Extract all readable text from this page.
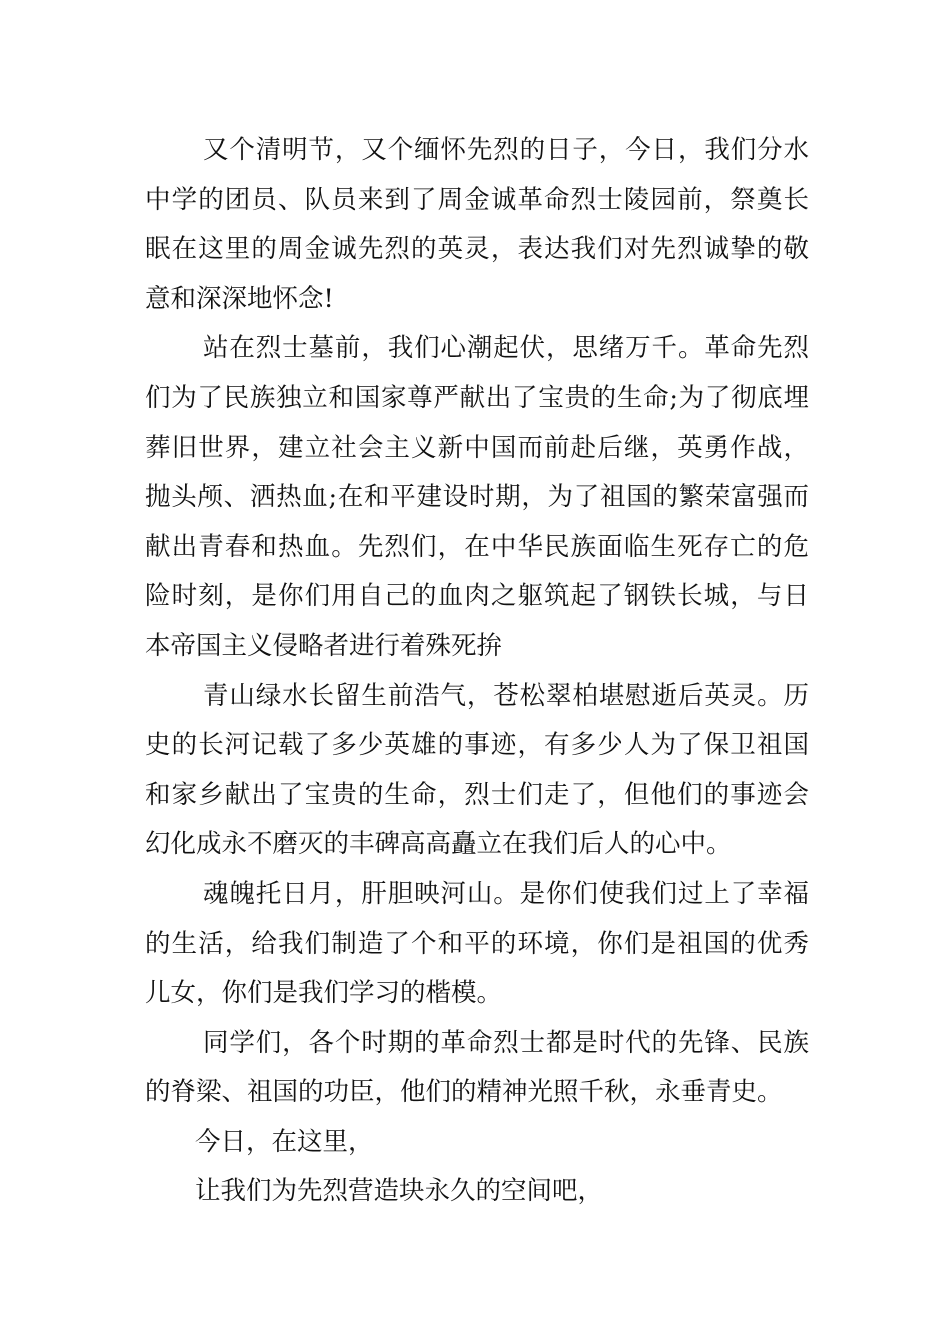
又个清明节，又个缅怀先烈的日子，今日，我们分水
中学的团员、队员来到了周金诚革命烈士陵园前，祭奠长
眠在这里的周金诚先烈的英灵，表达我们对先烈诚挚的敬
意和深深地怀念!
站在烈士墓前，我们心潮起伏，思绪万千。革命先烈
们为了民族独立和国家尊严献出了宝贵的生命;为了彻底埋
葬旧世界，建立社会主义新中国而前赴后继，英勇作战，
抛头颅、洒热血;在和平建设时期，为了祖国的繁荣富强而
献出青春和热血。先烈们，在中华民族面临生死存亡的危
险时刻，是你们用自己的血肉之躯筑起了钢铁长城，与日
本帝国主义侵略者进行着殊死拚
青山绿水长留生前浩气，苍松翠柏堪慰逝后英灵。历
史的长河记载了多少英雄的事迹，有多少人为了保卫祖国
和家乡献出了宝贵的生命，烈士们走了，但他们的事迹会
幻化成永不磨灭的丰碑高高矗立在我们后人的心中。
魂魄托日月，肝胆映河山。是你们使我们过上了幸福
的生活，给我们制造了个和平的环境，你们是祖国的优秀
儿女，你们是我们学习的楷模。
同学们，各个时期的革命烈士都是时代的先锋、民族
的脊梁、祖国的功臣，他们的精神光照千秋，永垂青史。
今日，在这里，
让我们为先烈营造块永久的空间吧，
